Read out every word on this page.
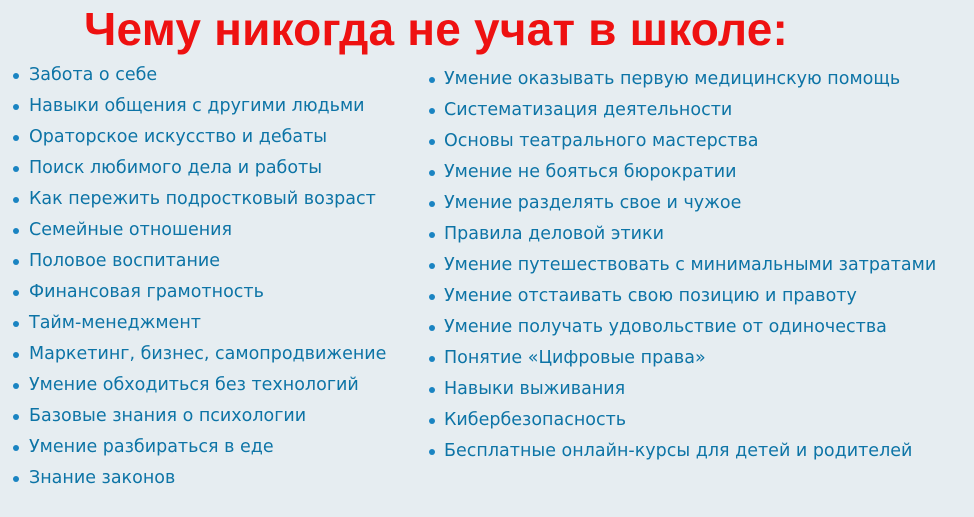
Чему никогда не учат в школе:
Забота о себе
Навыки общения с другими людьми
Ораторское искусство и дебаты
Поиск любимого дела и работы
Как пережить подростковый возраст
Семейные отношения
Половое воспитание
Финансовая грамотность
Тайм-менеджмент
Маркетинг, бизнес, самопродвижение
Умение обходиться без технологий
Базовые знания о психологии
Умение разбираться в еде
Знание законов
Умение оказывать первую медицинскую помощь
Систематизация деятельности
Основы театрального мастерства
Умение не бояться бюрократии
Умение разделять свое и чужое
Правила деловой этики
Умение путешествовать с минимальными затратами
Умение отстаивать свою позицию и правоту
Умение получать удовольствие от одиночества
Понятие «Цифровые права»
Навыки выживания
Кибербезопасность
Бесплатные онлайн-курсы для детей и родителей
